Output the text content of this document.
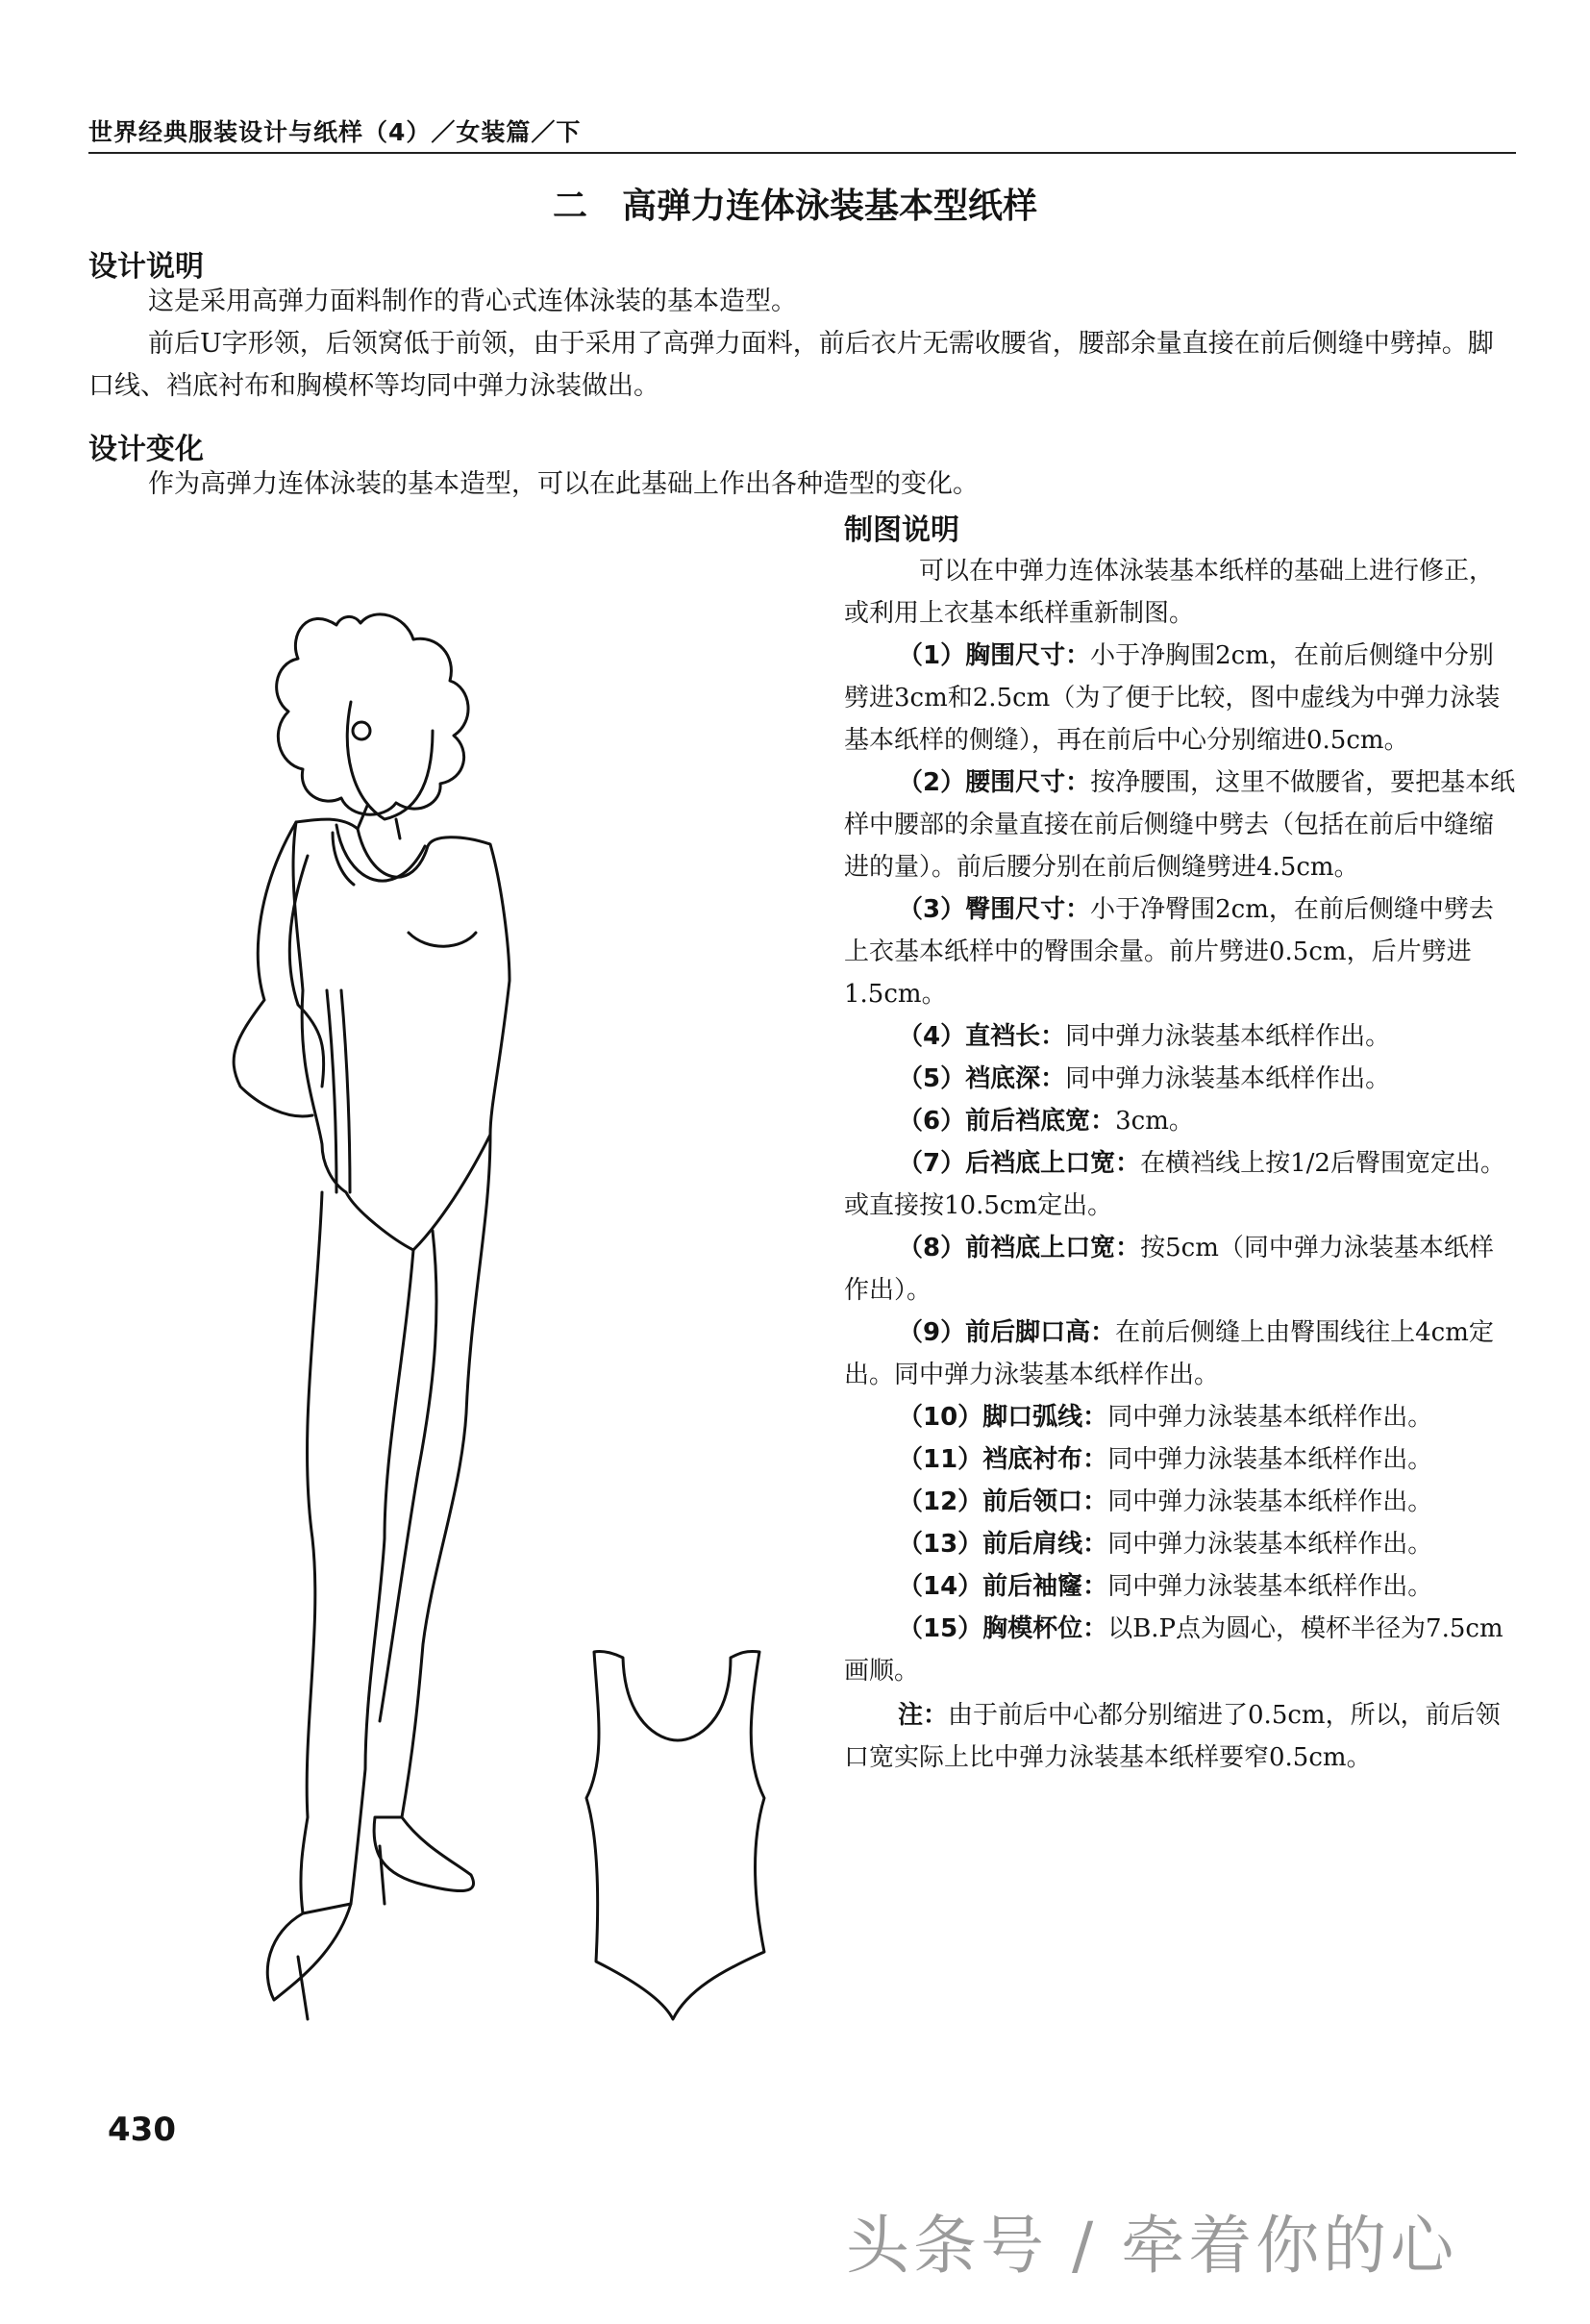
世界经典服装设计与纸样（4）／女装篇／下
二　高弹力连体泳装基本型纸样
设计说明
这是采用高弹力面料制作的背心式连体泳装的基本造型。
前后U字形领，后领窝低于前领，由于采用了高弹力面料，前后衣片无需收腰省，腰部余量直接在前后侧缝中劈掉。脚口线、裆底衬布和胸模杯等均同中弹力泳装做出。
设计变化
作为高弹力连体泳装的基本造型，可以在此基础上作出各种造型的变化。
制图说明
可以在中弹力连体泳装基本纸样的基础上进行修正，或利用上衣基本纸样重新制图。
（1）胸围尺寸：小于净胸围2cm，在前后侧缝中分别劈进3cm和2.5cm（为了便于比较，图中虚线为中弹力泳装基本纸样的侧缝），再在前后中心分别缩进0.5cm。
（2）腰围尺寸：按净腰围，这里不做腰省，要把基本纸样中腰部的余量直接在前后侧缝中劈去（包括在前后中缝缩进的量）。前后腰分别在前后侧缝劈进4.5cm。
（3）臀围尺寸：小于净臀围2cm，在前后侧缝中劈去上衣基本纸样中的臀围余量。前片劈进0.5cm，后片劈进1.5cm。
（4）直裆长：同中弹力泳装基本纸样作出。
（5）裆底深：同中弹力泳装基本纸样作出。
（6）前后裆底宽：3cm。
（7）后裆底上口宽：在横裆线上按1/2后臀围宽定出。或直接按10.5cm定出。
（8）前裆底上口宽：按5cm（同中弹力泳装基本纸样作出）。
（9）前后脚口高：在前后侧缝上由臀围线往上4cm定出。同中弹力泳装基本纸样作出。
（10）脚口弧线：同中弹力泳装基本纸样作出。
（11）裆底衬布：同中弹力泳装基本纸样作出。
（12）前后领口：同中弹力泳装基本纸样作出。
（13）前后肩线：同中弹力泳装基本纸样作出。
（14）前后袖窿：同中弹力泳装基本纸样作出。
（15）胸模杯位：以B.P点为圆心，模杯半径为7.5cm画顺。
注：由于前后中心都分别缩进了0.5cm，所以，前后领口宽实际上比中弹力泳装基本纸样要窄0.5cm。
430
头条号 / 牵着你的心
